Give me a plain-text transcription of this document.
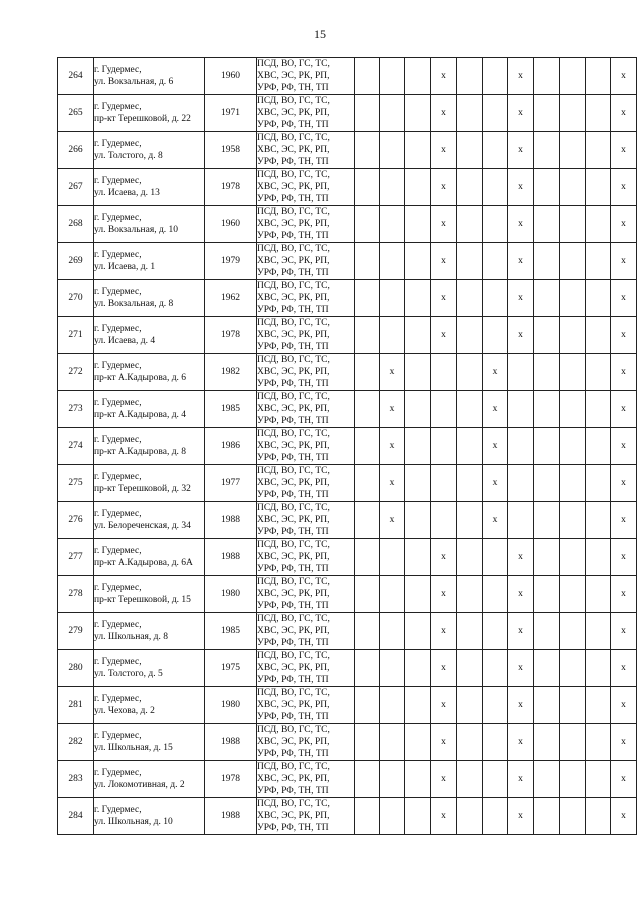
15
264	г. Гудермес,
ул. Вокзальная, д. 6	1960	ПСД, ВО, ГС, ТС,
ХВС, ЭС, РК, РП,
УРФ, РФ, ТН, ТП				x			x				x
265	г. Гудермес,
пр-кт Терешковой, д. 22	1971	ПСД, ВО, ГС, ТС,
ХВС, ЭС, РК, РП,
УРФ, РФ, ТН, ТП				x			x				x
266	г. Гудермес,
ул. Толстого, д. 8	1958	ПСД, ВО, ГС, ТС,
ХВС, ЭС, РК, РП,
УРФ, РФ, ТН, ТП				x			x				x
267	г. Гудермес,
ул. Исаева, д. 13	1978	ПСД, ВО, ГС, ТС,
ХВС, ЭС, РК, РП,
УРФ, РФ, ТН, ТП				x			x				x
268	г. Гудермес,
ул. Вокзальная, д. 10	1960	ПСД, ВО, ГС, ТС,
ХВС, ЭС, РК, РП,
УРФ, РФ, ТН, ТП				x			x				x
269	г. Гудермес,
ул. Исаева, д. 1	1979	ПСД, ВО, ГС, ТС,
ХВС, ЭС, РК, РП,
УРФ, РФ, ТН, ТП				x			x				x
270	г. Гудермес,
ул. Вокзальная, д. 8	1962	ПСД, ВО, ГС, ТС,
ХВС, ЭС, РК, РП,
УРФ, РФ, ТН, ТП				x			x				x
271	г. Гудермес,
ул. Исаева, д. 4	1978	ПСД, ВО, ГС, ТС,
ХВС, ЭС, РК, РП,
УРФ, РФ, ТН, ТП				x			x				x
272	г. Гудермес,
пр-кт А.Кадырова, д. 6	1982	ПСД, ВО, ГС, ТС,
ХВС, ЭС, РК, РП,
УРФ, РФ, ТН, ТП		x				x					x
273	г. Гудермес,
пр-кт А.Кадырова, д. 4	1985	ПСД, ВО, ГС, ТС,
ХВС, ЭС, РК, РП,
УРФ, РФ, ТН, ТП		x				x					x
274	г. Гудермес,
пр-кт А.Кадырова, д. 8	1986	ПСД, ВО, ГС, ТС,
ХВС, ЭС, РК, РП,
УРФ, РФ, ТН, ТП		x				x					x
275	г. Гудермес,
пр-кт Терешковой, д. 32	1977	ПСД, ВО, ГС, ТС,
ХВС, ЭС, РК, РП,
УРФ, РФ, ТН, ТП		x				x					x
276	г. Гудермес,
ул. Белореченская, д. 34	1988	ПСД, ВО, ГС, ТС,
ХВС, ЭС, РК, РП,
УРФ, РФ, ТН, ТП		x				x					x
277	г. Гудермес,
пр-кт А.Кадырова, д. 6А	1988	ПСД, ВО, ГС, ТС,
ХВС, ЭС, РК, РП,
УРФ, РФ, ТН, ТП				x			x				x
278	г. Гудермес,
пр-кт Терешковой, д. 15	1980	ПСД, ВО, ГС, ТС,
ХВС, ЭС, РК, РП,
УРФ, РФ, ТН, ТП				x			x				x
279	г. Гудермес,
ул. Школьная, д. 8	1985	ПСД, ВО, ГС, ТС,
ХВС, ЭС, РК, РП,
УРФ, РФ, ТН, ТП				x			x				x
280	г. Гудермес,
ул. Толстого, д. 5	1975	ПСД, ВО, ГС, ТС,
ХВС, ЭС, РК, РП,
УРФ, РФ, ТН, ТП				x			x				x
281	г. Гудермес,
ул. Чехова, д. 2	1980	ПСД, ВО, ГС, ТС,
ХВС, ЭС, РК, РП,
УРФ, РФ, ТН, ТП				x			x				x
282	г. Гудермес,
ул. Школьная, д. 15	1988	ПСД, ВО, ГС, ТС,
ХВС, ЭС, РК, РП,
УРФ, РФ, ТН, ТП				x			x				x
283	г. Гудермес,
ул. Локомотивная, д. 2	1978	ПСД, ВО, ГС, ТС,
ХВС, ЭС, РК, РП,
УРФ, РФ, ТН, ТП				x			x				x
284	г. Гудермес,
ул. Школьная, д. 10	1988	ПСД, ВО, ГС, ТС,
ХВС, ЭС, РК, РП,
УРФ, РФ, ТН, ТП				x			x				x
